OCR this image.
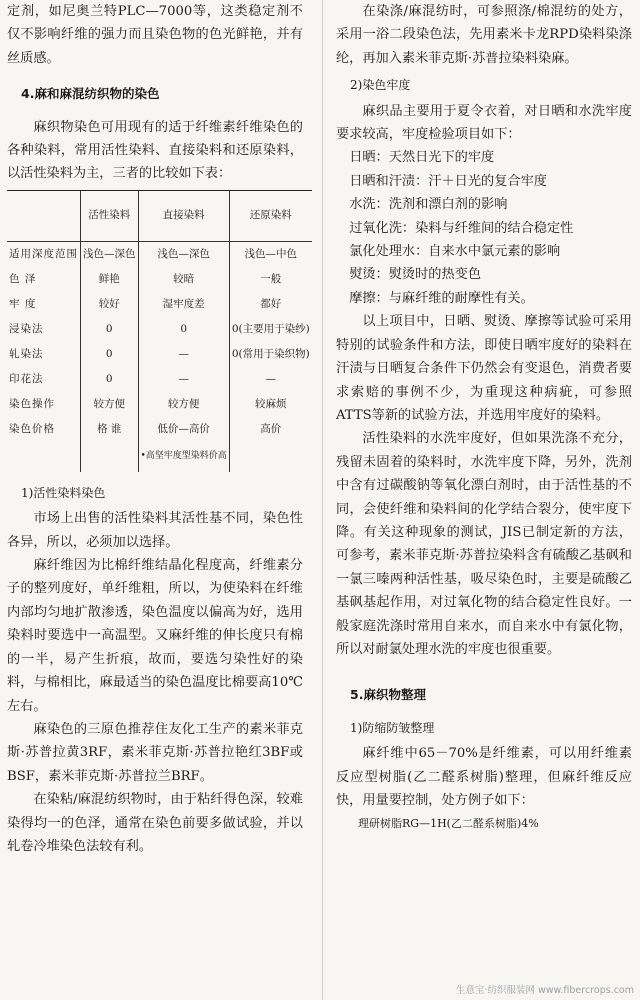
定剂，如尼奥兰特PLC—7000等，这类稳定剂不仅不影响纤维的强力而且染色物的色光鲜艳，并有丝质感。

4.麻和麻混纺织物的染色

麻织物染色可用现有的适于纤维素纤维染色的各种染料，常用活性染料、直接染料和还原染料，以活性染料为主，三者的比较如下表：

	活性染料	直接染料	还原染料
适用深度范围	浅色—深色	浅色—深色	浅色—中色
色 泽	鲜艳	较暗	一般
牢 度	较好	湿牢度差	都好
浸染法	0	0	0(主要用于染纱)
轧染法	0	—	0(常用于染织物)
印花法	0	—	—
染色操作	较方便	较方便	较麻烦
染色价格	格 谁	低价—高价	高价
		•高坚牢度型染料价高	
1)活性染料染色

市场上出售的活性染料其活性基不同，染色性各异，所以，必须加以选择。

麻纤维因为比棉纤维结晶化程度高，纤维素分子的整列度好，单纤维粗，所以，为使染料在纤维内部均匀地扩散渗透，染色温度以偏高为好，选用染料时要选中一高温型。又麻纤维的伸长度只有棉的一半，易产生折痕，故而，要选匀染性好的染料，与棉相比，麻最适当的染色温度比棉要高10℃左右。

麻染色的三原色推荐住友化工生产的素米菲克斯·苏普拉黄3RF，素米菲克斯·苏普拉艳红3BF或BSF，素米菲克斯·苏普拉兰BRF。

在染粘/麻混纺织物时，由于粘纤得色深，较难染得均一的色泽，通常在染色前要多做试验，并以轧卷冷堆染色法较有利。

在染涤/麻混纺时，可参照涤/棉混纺的处方，采用一浴二段染色法，先用素米卡龙RPD染料染涤纶，再加入素米菲克斯·苏普拉染料染麻。

2)染色牢度

麻织品主要用于夏令衣着，对日晒和水洗牢度要求较高，牢度检验项目如下：

日晒：天然日光下的牢度

日晒和汗渍：汗＋日光的复合牢度

水洗：洗剂和漂白剂的影响

过氧化洗：染料与纤维间的结合稳定性

氯化处理水：自来水中氯元素的影响

熨烫：熨烫时的热变色

摩擦：与麻纤维的耐摩性有关。

以上项目中，日晒、熨烫、摩擦等试验可采用特别的试验条件和方法，即使日晒牢度好的染料在汗渍与日晒复合条件下仍然会有变退色，消费者要求索赔的事例不少，为重现这种病疵，可参照ATTS等新的试验方法，并选用牢度好的染料。

活性染料的水洗牢度好，但如果洗涤不充分，残留未固着的染料时，水洗牢度下降，另外，洗剂中含有过碳酸钠等氧化漂白剂时，由于活性基的不同，会使纤维和染料间的化学结合裂分，使牢度下降。有关这种现象的测试，JIS已制定新的方法，可参考，素米菲克斯·苏普拉染料含有硫酸乙基砜和一氯三嗪两种活性基，吸尽染色时，主要是硫酸乙基砜基起作用，对过氧化物的结合稳定性良好。一般家庭洗涤时常用自来水，而自来水中有氯化物，所以对耐氯处理水洗的牢度也很重要。

5.麻织物整理
1)防缩防皱整理

麻纤维中65－70%是纤维素，可以用纤维素反应型树脂(乙二醛系树脂)整理，但麻纤维反应快，用量要控制，处方例子如下：

理研树脂RG—1H(乙二醛系树脂)4%

生意宝·纺织服装网 www.fibercrops.com
